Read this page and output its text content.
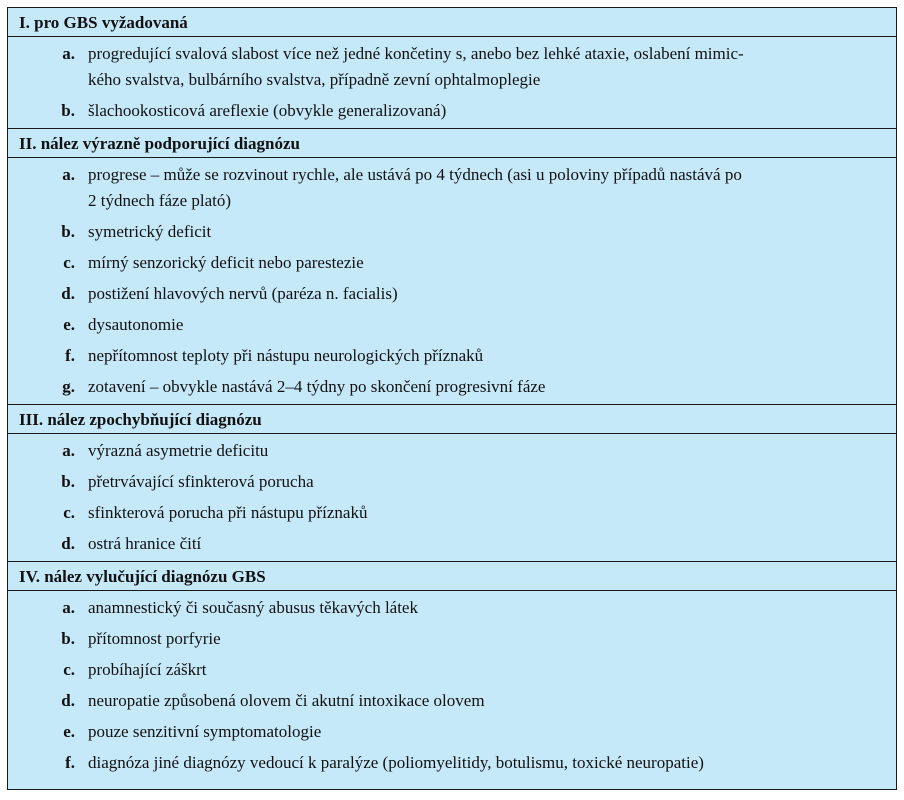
I. pro GBS vyžadovaná
a. progredující svalová slabost více než jedné končetiny s, anebo bez lehké ataxie, oslabení mimic-
kého svalstva, bulbárního svalstva, případně zevní ophtalmoplegie
b. šlachookosticová areflexie (obvykle generalizovaná)
II. nález výrazně podporující diagnózu
a. progrese – může se rozvinout rychle, ale ustává po 4 týdnech (asi u poloviny případů nastává po
2 týdnech fáze plató)
b. symetrický deficit
c. mírný senzorický deficit nebo parestezie
d. postižení hlavových nervů (paréza n. facialis)
e. dysautonomie
f. nepřítomnost teploty při nástupu neurologických příznaků
g. zotavení – obvykle nastává 2–4 týdny po skončení progresivní fáze
III. nález zpochybňující diagnózu
a. výrazná asymetrie deficitu
b. přetrvávající sfinkterová porucha
c. sfinkterová porucha při nástupu příznaků
d. ostrá hranice čití
IV. nález vylučující diagnózu GBS
a. anamnestický či současný abusus těkavých látek
b. přítomnost porfyrie
c. probíhající záškrt
d. neuropatie způsobená olovem či akutní intoxikace olovem
e. pouze senzitivní symptomatologie
f. diagnóza jiné diagnózy vedoucí k paralýze (poliomyelitidy, botulismu, toxické neuropatie)
